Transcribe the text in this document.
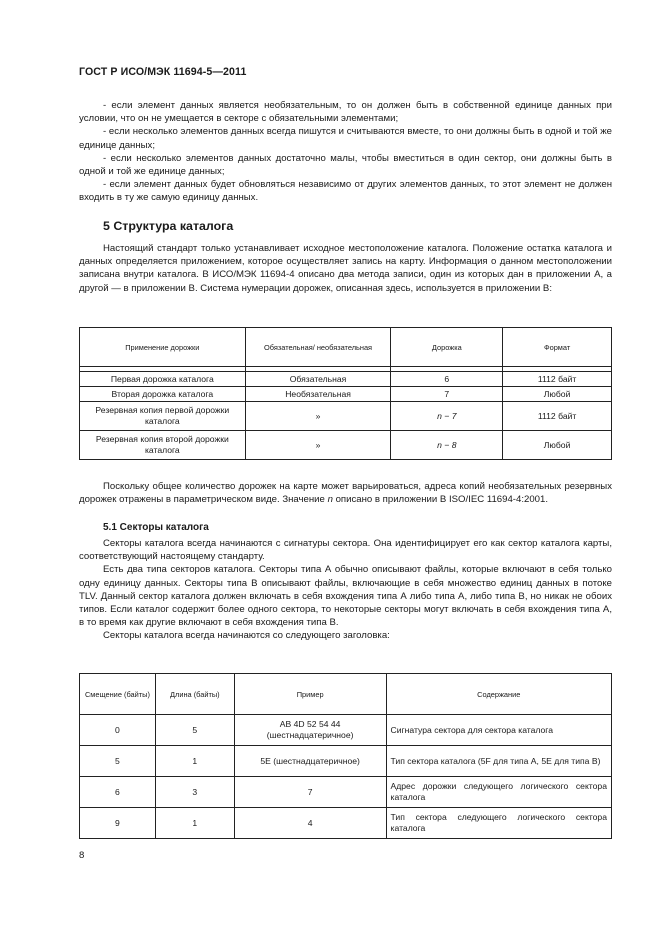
ГОСТ Р ИСО/МЭК 11694-5—2011

- если элемент данных является необязательным, то он должен быть в собственной единице данных при условии, что он не умещается в секторе с обязательными элементами;

- если несколько элементов данных всегда пишутся и считываются вместе, то они должны быть в одной и той же единице данных;

- если несколько элементов данных достаточно малы, чтобы вместиться в один сектор, они должны быть в одной и той же единице данных;

- если элемент данных будет обновляться независимо от других элементов данных, то этот элемент не должен входить в ту же самую единицу данных.

5 Структура каталога

Настоящий стандарт только устанавливает исходное местоположение каталога. Положение остатка каталога и данных определяется приложением, которое осуществляет запись на карту. Информация о данном местоположении записана внутри каталога. В ИСО/МЭК 11694-4 описано два метода записи, один из которых дан в приложении А, а другой — в приложении В. Система нумерации дорожек, описанная здесь, используется в приложении В:

Применение дорожки	Обязательная/ необязательная	Дорожка	Формат

Первая дорожка каталога	Обязательная	6	1112 байт
Вторая дорожка каталога	Необязательная	7	Любой
Резервная копия первой дорожки каталога	»	n − 7	1112 байт
Резервная копия второй дорожки каталога	»	n − 8	Любой

Поскольку общее количество дорожек на карте может варьироваться, адреса копий необязательных резервных дорожек отражены в параметрическом виде. Значение n описано в приложении В ISO/IEC 11694-4:2001.

5.1 Секторы каталога

Секторы каталога всегда начинаются с сигнатуры сектора. Она идентифицирует его как сектор каталога карты, соответствующий настоящему стандарту.

Есть два типа секторов каталога. Секторы типа А обычно описывают файлы, которые включают в себя только одну единицу данных. Секторы типа В описывают файлы, включающие в себя множество единиц данных в потоке TLV. Данный сектор каталога должен включать в себя вхождения типа А либо типа А, либо типа В, но никак не обоих типов. Если каталог содержит более одного сектора, то некоторые секторы могут включать в себя вхождения типа А, в то время как другие включают в себя вхождения типа В.

Секторы каталога всегда начинаются со следующего заголовка:

Смещение (байты)	Длина (байты)	Пример	Содержание
0	5	AB 4D 52 54 44 (шестнадцатеричное)	Сигнатура сектора для сектора каталога
5	1	5E (шестнадцатеричное)	Тип сектора каталога (5F для типа А, 5E для типа В)
6	3	7	Адрес дорожки следующего логического сектора каталога
9	1	4	Тип сектора следующего логического сектора каталога
8
